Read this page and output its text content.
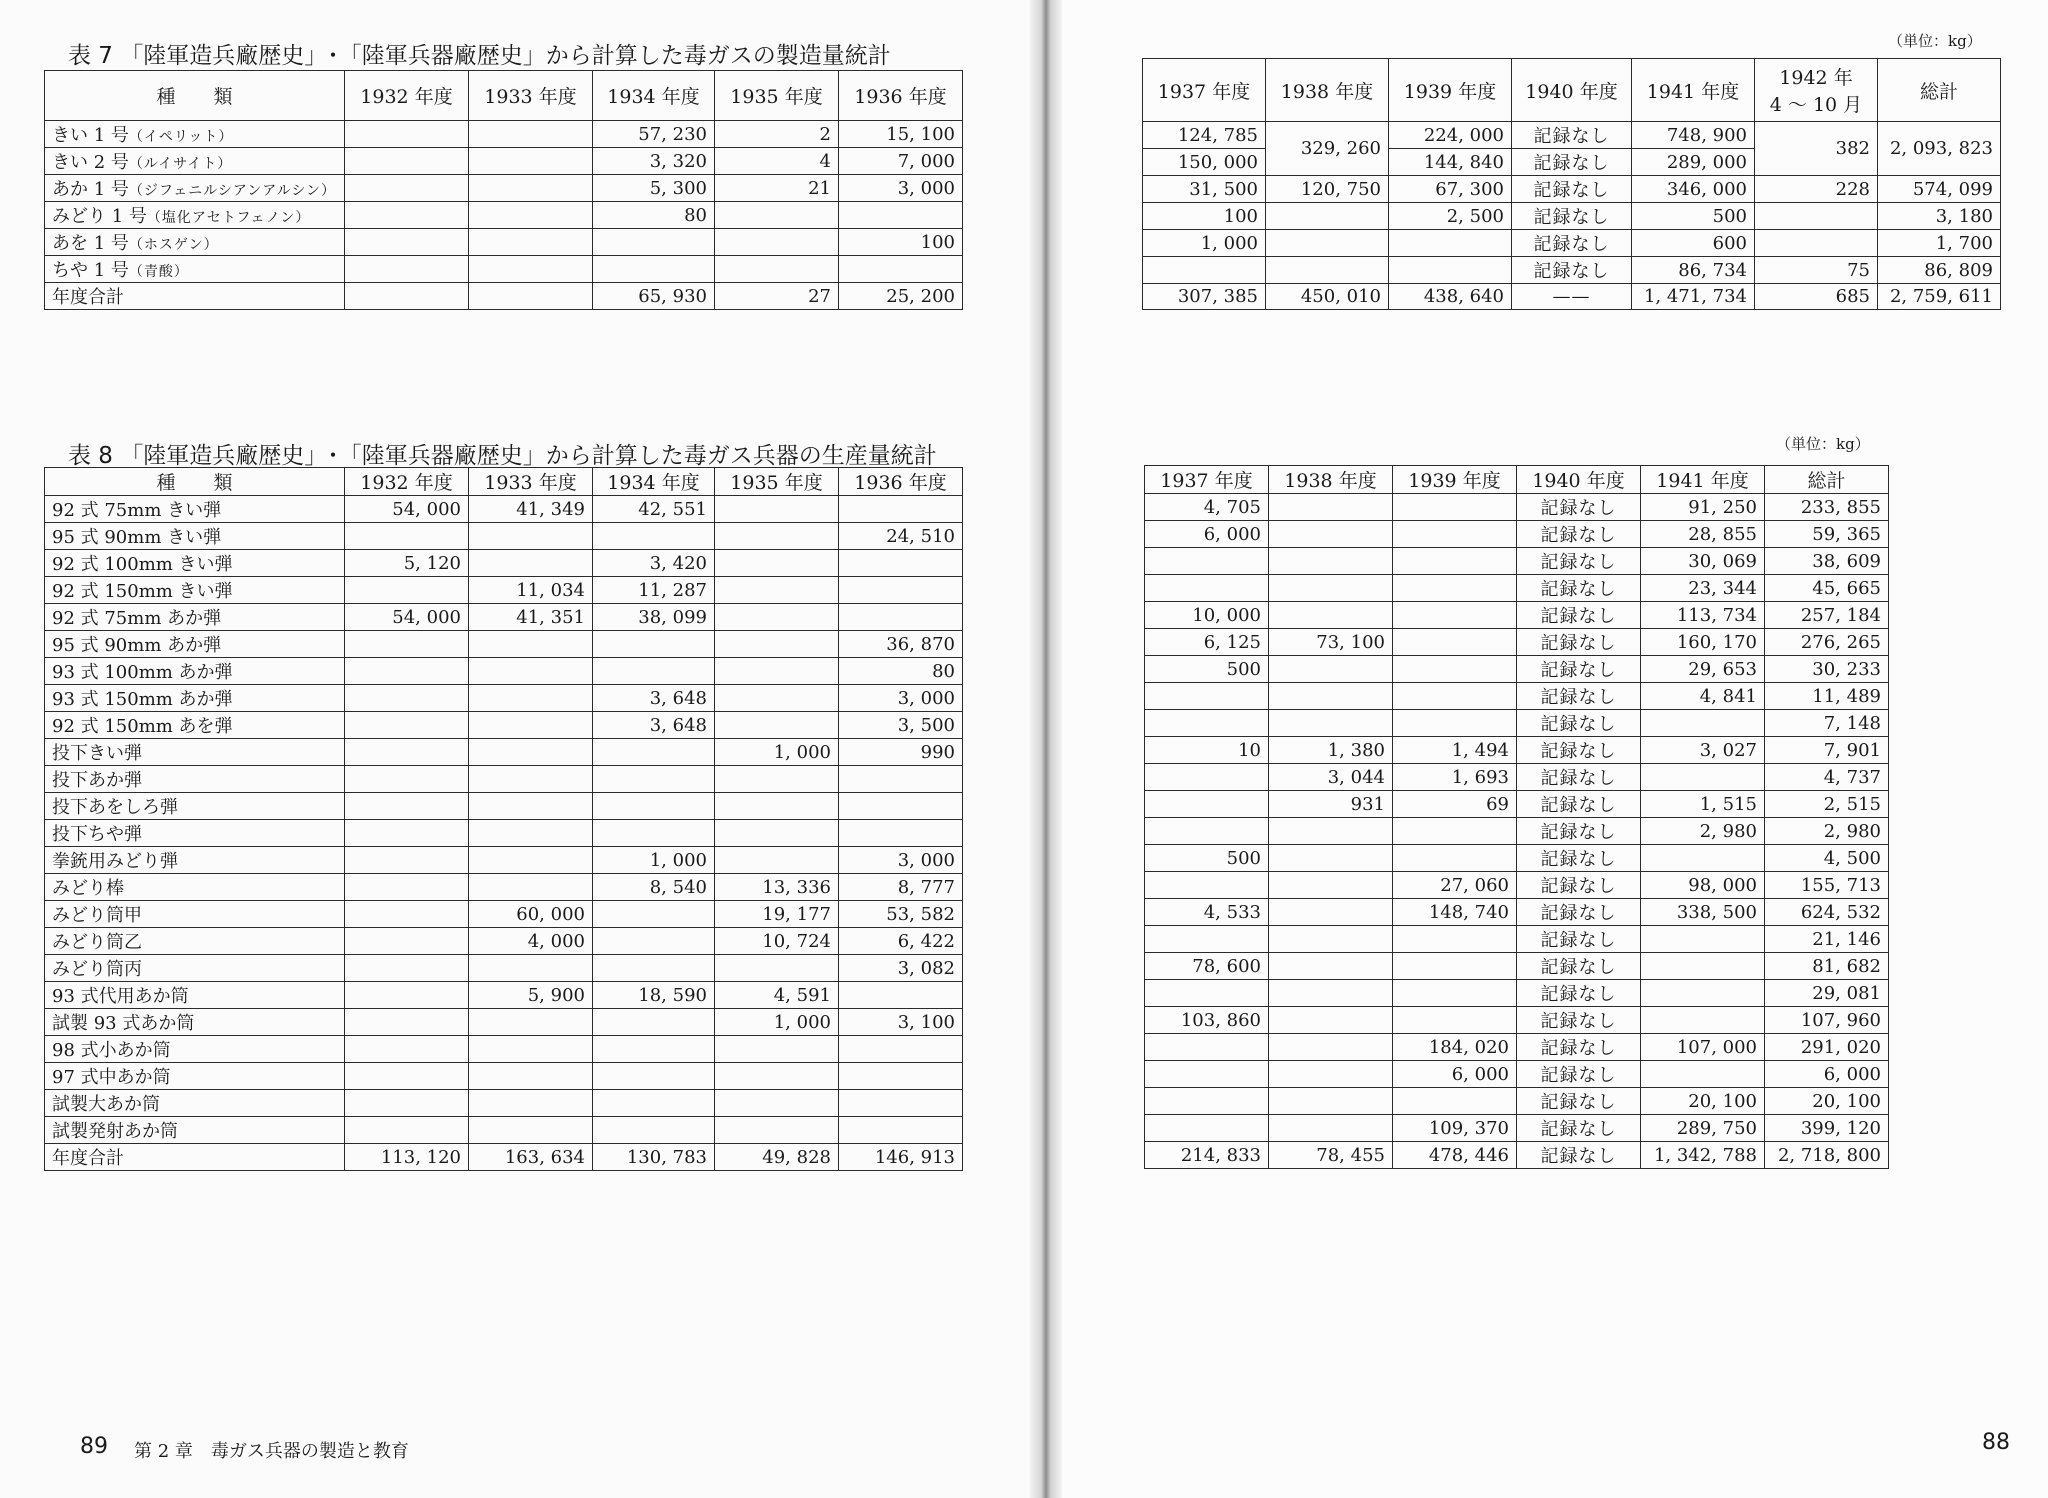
表 7 「陸軍造兵廠歴史」･「陸軍兵器廠歴史」から計算した毒ガスの製造量統計
種　　類	1932 年度	1933 年度	1934 年度	1935 年度	1936 年度
きい 1 号（イペリット）			57, 230	2	15, 100
きい 2 号（ルイサイト）			3, 320	4	7, 000
あか 1 号（ジフェニルシアンアルシン）			5, 300	21	3, 000
みどり 1 号（塩化アセトフェノン）			80		
あを 1 号（ホスゲン）					100
ちや 1 号（青酸）					
年度合計			65, 930	27	25, 200
表 8 「陸軍造兵廠歴史」･「陸軍兵器廠歴史」から計算した毒ガス兵器の生産量統計
種　　類	1932 年度	1933 年度	1934 年度	1935 年度	1936 年度
92 式 75mm きい弾	54, 000	41, 349	42, 551		
95 式 90mm きい弾					24, 510
92 式 100mm きい弾	5, 120		3, 420		
92 式 150mm きい弾		11, 034	11, 287		
92 式 75mm あか弾	54, 000	41, 351	38, 099		
95 式 90mm あか弾					36, 870
93 式 100mm あか弾					80
93 式 150mm あか弾			3, 648		3, 000
92 式 150mm あを弾			3, 648		3, 500
投下きい弾				1, 000	990
投下あか弾					
投下あをしろ弾					
投下ちや弾					
拳銃用みどり弾			1, 000		3, 000
みどり棒			8, 540	13, 336	8, 777
みどり筒甲		60, 000		19, 177	53, 582
みどり筒乙		4, 000		10, 724	6, 422
みどり筒丙					3, 082
93 式代用あか筒		5, 900	18, 590	4, 591	
試製 93 式あか筒				1, 000	3, 100
98 式小あか筒					
97 式中あか筒					
試製大あか筒					
試製発射あか筒					
年度合計	113, 120	163, 634	130, 783	49, 828	146, 913
89 第 2 章　毒ガス兵器の製造と教育
（単位：kg）
1937 年度	1938 年度	1939 年度	1940 年度	1941 年度	1942 年
4 ～ 10 月	総計
124, 785	329, 260	224, 000	記録なし	748, 900	382	2, 093, 823
150, 000		144, 840	記録なし	289, 000		
31, 500	120, 750	67, 300	記録なし	346, 000	228	574, 099
100		2, 500	記録なし	500		3, 180
1, 000			記録なし	600		1, 700
			記録なし	86, 734	75	86, 809
307, 385	450, 010	438, 640	——	1, 471, 734	685	2, 759, 611
（単位：kg）
1937 年度	1938 年度	1939 年度	1940 年度	1941 年度	総計
4, 705			記録なし	91, 250	233, 855
6, 000			記録なし	28, 855	59, 365
			記録なし	30, 069	38, 609
			記録なし	23, 344	45, 665
10, 000			記録なし	113, 734	257, 184
6, 125	73, 100		記録なし	160, 170	276, 265
500			記録なし	29, 653	30, 233
			記録なし	4, 841	11, 489
			記録なし		7, 148
10	1, 380	1, 494	記録なし	3, 027	7, 901
	3, 044	1, 693	記録なし		4, 737
	931	69	記録なし	1, 515	2, 515
			記録なし	2, 980	2, 980
500			記録なし		4, 500
		27, 060	記録なし	98, 000	155, 713
4, 533		148, 740	記録なし	338, 500	624, 532
			記録なし		21, 146
78, 600			記録なし		81, 682
			記録なし		29, 081
103, 860			記録なし		107, 960
		184, 020	記録なし	107, 000	291, 020
		6, 000	記録なし		6, 000
			記録なし	20, 100	20, 100
		109, 370	記録なし	289, 750	399, 120
214, 833	78, 455	478, 446	記録なし	1, 342, 788	2, 718, 800
88
